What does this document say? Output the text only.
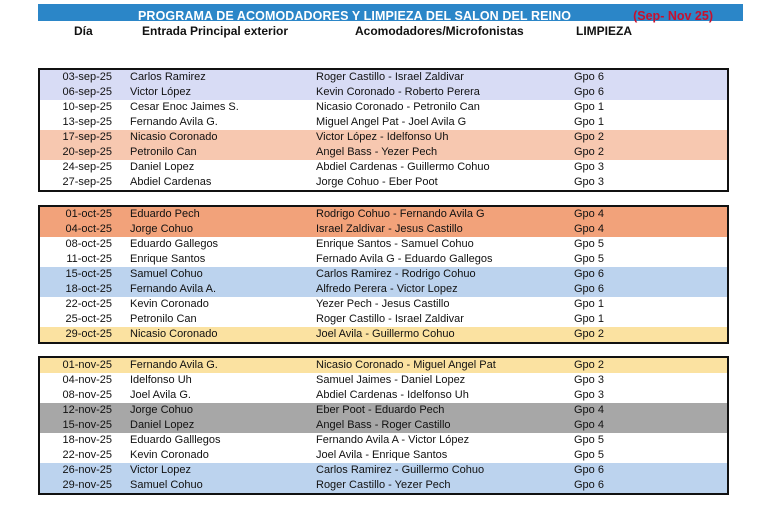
PROGRAMA DE ACOMODADORES Y LIMPIEZA DEL SALON DEL REINO	(Sep- Nov 25)
Día	Entrada Principal exterior	Acomodadores/Microfonistas	LIMPIEZA
03-sep-25 Carlos Ramirez	Roger Castillo - Israel Zaldivar	Gpo 6
06-sep-25 Victor López	Kevin Coronado - Roberto Perera	Gpo 6
10-sep-25 Cesar Enoc Jaimes S.	Nicasio Coronado - Petronilo Can	Gpo 1
13-sep-25 Fernando Avila G.	Miguel Angel Pat - Joel Avila G	Gpo 1
17-sep-25 Nicasio Coronado	Victor López - Idelfonso Uh	Gpo 2
20-sep-25 Petronilo Can	Angel Bass - Yezer Pech	Gpo 2
24-sep-25 Daniel Lopez	Abdiel Cardenas - Guillermo Cohuo	Gpo 3
27-sep-25 Abdiel Cardenas	Jorge Cohuo - Eber Poot	Gpo 3
01-oct-25 Eduardo Pech	Rodrigo Cohuo - Fernando Avila G	Gpo 4
04-oct-25 Jorge Cohuo	Israel Zaldivar - Jesus Castillo	Gpo 4
08-oct-25 Eduardo Gallegos	Enrique Santos - Samuel Cohuo	Gpo 5
11-oct-25 Enrique Santos	Fernado Avila G - Eduardo Gallegos	Gpo 5
15-oct-25 Samuel Cohuo	Carlos Ramirez - Rodrigo Cohuo	Gpo 6
18-oct-25 Fernando Avila A.	Alfredo Perera - Victor Lopez	Gpo 6
22-oct-25 Kevin Coronado	Yezer Pech - Jesus Castillo	Gpo 1
25-oct-25 Petronilo Can	Roger Castillo - Israel Zaldivar	Gpo 1
29-oct-25 Nicasio Coronado	Joel Avila - Guillermo Cohuo	Gpo 2
01-nov-25 Fernando Avila G.	Nicasio Coronado - Miguel Angel Pat	Gpo 2
04-nov-25 Idelfonso Uh	Samuel Jaimes - Daniel Lopez	Gpo 3
08-nov-25 Joel Avila G.	Abdiel Cardenas - Idelfonso Uh	Gpo 3
12-nov-25 Jorge Cohuo	Eber Poot - Eduardo Pech	Gpo 4
15-nov-25 Daniel Lopez	Angel Bass - Roger Castillo	Gpo 4
18-nov-25 Eduardo Galllegos	Fernando Avila A - Victor López	Gpo 5
22-nov-25 Kevin Coronado	Joel Avila - Enrique Santos	Gpo 5
26-nov-25 Victor Lopez	Carlos Ramirez - Guillermo Cohuo	Gpo 6
29-nov-25 Samuel Cohuo	Roger Castillo - Yezer Pech	Gpo 6
